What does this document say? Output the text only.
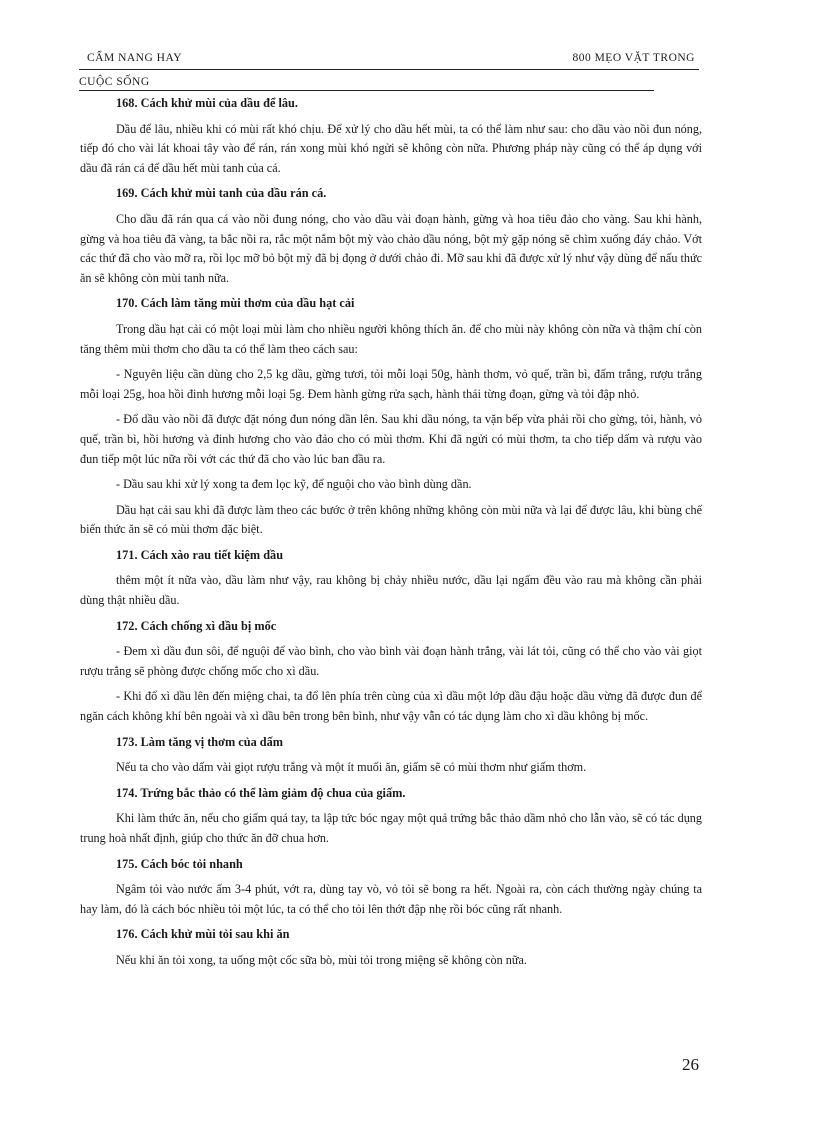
CẨM NANG HAY	800 MẸO VẶT TRONG
CUỘC SỐNG

168. Cách khử mùi của dầu để lâu.

Dầu để lâu, nhiều khi có mùi rất khó chịu. Để xử lý cho dầu hết mùi, ta có thể làm như sau: cho dầu vào nồi đun nóng, tiếp đó cho vài lát khoai tây vào để rán, rán xong mùi khó ngửi sẽ không còn nữa. Phương pháp này cũng có thể áp dụng với dầu đã rán cá để dầu hết mùi tanh của cá.

169. Cách khử mùi tanh của dầu rán cá.

Cho dầu đã rán qua cá vào nồi đung nóng, cho vào dầu vài đoạn hành, gừng và hoa tiêu đảo cho vàng. Sau khi hành, gừng và hoa tiêu đã vàng, ta bắc nồi ra, rắc một nắm bột mỳ vào chảo dầu nóng, bột mỳ gặp nóng sẽ chìm xuống đáy chảo. Vớt các thứ đã cho vào mỡ ra, rồi lọc mỡ bỏ bột mỳ đã bị đọng ở dưới chảo đi. Mỡ sau khi đã được xử lý như vậy dùng để nấu thức ăn sẽ không còn mùi tanh nữa.

170. Cách làm tăng mùi thơm của dầu hạt cải

Trong dầu hạt cải có một loại mùi làm cho nhiều người không thích ăn. để cho mùi này không còn nữa và thậm chí còn tăng thêm mùi thơm cho dầu ta có thể làm theo cách sau:

- Nguyên liệu cần dùng cho 2,5 kg dầu, gừng tươi, tỏi mỗi loại 50g, hành thơm, vỏ quế, trần bì, đấm trắng, rượu trắng mỗi loại 25g, hoa hồi đinh hương mỗi loại 5g. Đem hành gừng rửa sạch, hành thái từng đoạn, gừng và tỏi đập nhỏ.

- Đổ dầu vào nồi đã được đặt nóng đun nóng dần lên. Sau khi dầu nóng, ta vặn bếp vừa phải rồi cho gừng, tỏi, hành, vỏ quế, trần bì, hồi hương và đinh hương cho vào đảo cho có mùi thơm. Khi đã ngửi có mùi thơm, ta cho tiếp dấm và rượu vào đun tiếp một lúc nữa rồi vớt các thứ đã cho vào lúc ban đầu ra.

- Dầu sau khi xử lý xong ta đem lọc kỹ, để nguội cho vào bình dùng dần.

Dầu hạt cải sau khi đã được làm theo các bước ở trên không những không còn mùi nữa và lại để được lâu, khi bùng chế biến thức ăn sẽ có mùi thơm đặc biệt.

171. Cách xào rau tiết kiệm dầu

thêm một ít nữa vào, dầu làm như vậy, rau không bị chảy nhiều nước, dầu lại ngấm đều vào rau mà không cần phải dùng thật nhiều dầu.

172. Cách chống xì dầu bị mốc

- Đem xì dầu đun sôi, để nguội để vào bình, cho vào bình vài đoạn hành trắng, vài lát tỏi, cũng có thể cho vào vài giọt rượu trắng sẽ phòng được chống mốc cho xì dầu.

- Khi đổ xì dầu lên đến miệng chai, ta đổ lên phía trên cùng của xì dầu một lớp dầu đậu hoặc dầu vừng đã được đun để ngăn cách không khí bên ngoài và xì dầu bên trong bên bình, như vậy vẫn có tác dụng làm cho xì dầu không bị mốc.

173. Làm tăng vị thơm của dấm

Nếu ta cho vào dấm vài giọt rượu trắng và một ít muối ăn, giấm sẽ có mùi thơm như giấm thơm.

174. Trứng bắc thảo có thể làm giảm độ chua của giấm.

Khi làm thức ăn, nếu cho giấm quá tay, ta lập tức bóc ngay một quả trứng bắc thảo dầm nhỏ cho lẫn vào, sẽ có tác dụng trung hoà nhất định, giúp cho thức ăn đỡ chua hơn.

175. Cách bóc tỏi nhanh

Ngâm tỏi vào nước ấm 3-4 phút, vớt ra, dùng tay vò, vỏ tỏi sẽ bong ra hết. Ngoài ra, còn cách thường ngày chúng ta hay làm, đó là cách bóc nhiều tỏi một lúc, ta có thể cho tỏi lên thớt đập nhẹ rồi bóc cũng rất nhanh.

176. Cách khử mùi tỏi sau khi ăn

Nếu khi ăn tỏi xong, ta uống một cốc sữa bò, mùi tỏi trong miệng sẽ không còn nữa.

26
